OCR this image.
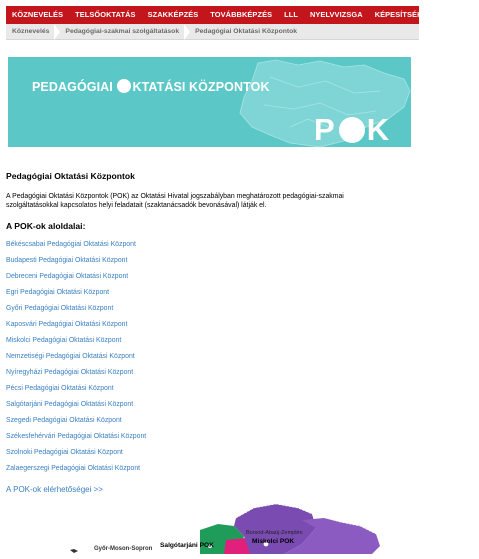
KÖZNEVELÉS	TELSŐOKTATÁS	SZAKKÉPZÉS	TOVÁBBKÉPZÉS	LLL	NYELVVIZSGA	KÉPESÍTSÉK ELISMERÉSE
Köznevelés	Pedagógiai-szakmai szolgáltatások	Pedagógiai Oktatási Központok
PEDAGÓGIAI KTATÁSI KÖZPONTOK
P K
Pedagógiai Oktatási Központok
A Pedagógiai Oktatási Központok (POK) az Oktatási Hivatal jogszabályban meghatározott pedagógiai-szakmai szolgáltatásokkal kapcsolatos helyi feladatait (szaktanácsadók bevonásával) látják el.
A POK-ok aloldalai:
Békéscsabai Pedagógiai Oktatási Központ
Budapesti Pedagógiai Oktatási Központ
Debreceni Pedagógiai Oktatási Központ
Egri Pedagógiai Oktatási Központ
Győri Pedagógiai Oktatási Központ
Kaposvári Pedagógiai Oktatási Központ
Miskolci Pedagógiai Oktatási Központ
Nemzetiségi Pedagógiai Oktatási Központ
Nyíregyházi Pedagógiai Oktatási Központ
Pécsi Pedagógiai Oktatási Központ
Salgótarjáni Pedagógiai Oktatási Központ
Szegedi Pedagógiai Oktatási Központ
Székesfehérvári Pedagógiai Oktatási Központ
Szolnoki Pedagógiai Oktatási Központ
Zalaegerszegi Pedagógiai Oktatási Központ
A POK-ok elérhetőségei >>
Győr-Moson-Sopron Salgótarjáni POK
Borsod-Abaúj-Zemplén
Miskolci POK
